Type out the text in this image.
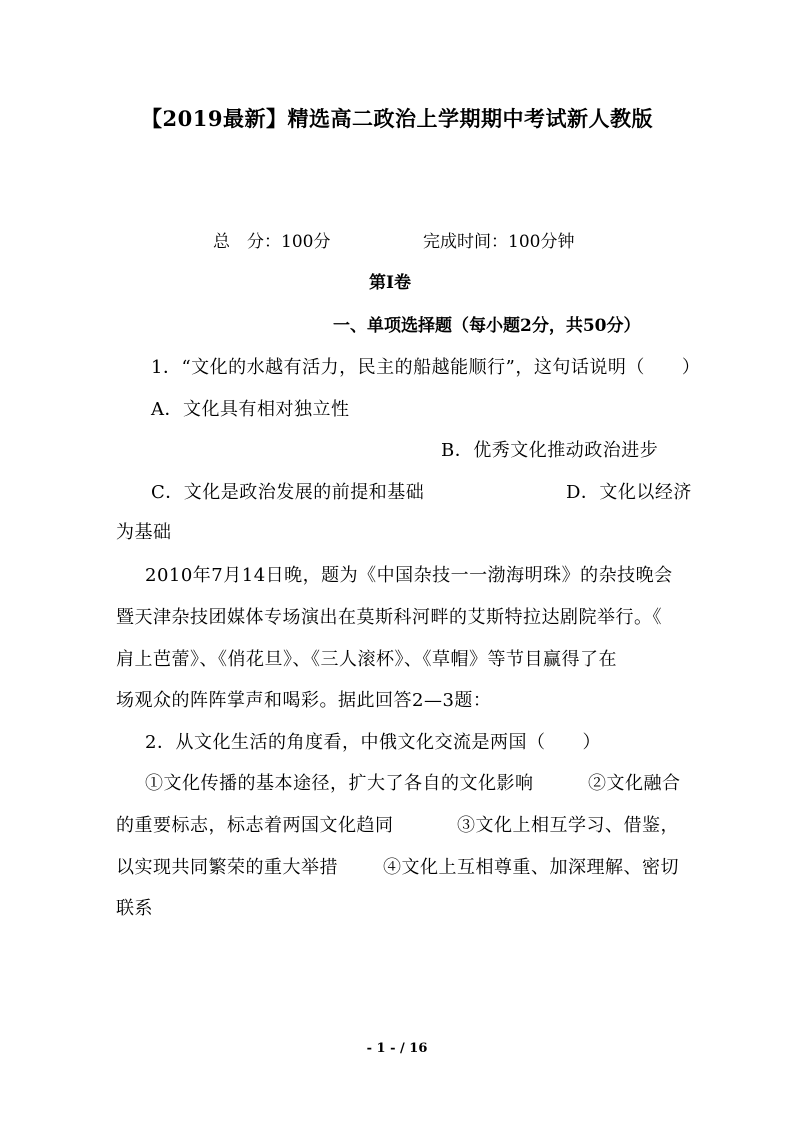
【2019最新】精选高二政治上学期期中考试新人教版
总　分：100分	完成时间：100分钟
第Ⅰ卷
一、单项选择题（每小题2分，共50分）
1．“文化的水越有活力，民主的船越能顺行”，这句话说明（　　）
A．文化具有相对独立性
B．优秀文化推动政治进步
C．文化是政治发展的前提和基础	D．文化以经济
为基础
2010年7月14日晚，题为《中国杂技一一渤海明珠》的杂技晚会
暨天津杂技团媒体专场演出在莫斯科河畔的艾斯特拉达剧院举行。《
肩上芭蕾》、《俏花旦》、《三人滚杯》、《草帽》等节目赢得了在
场观众的阵阵掌声和喝彩。据此回答2—3题：
2．从文化生活的角度看，中俄文化交流是两国（　　）
①文化传播的基本途径，扩大了各自的文化影响	②文化融合
的重要标志，标志着两国文化趋同	③文化上相互学习、借鉴，
以实现共同繁荣的重大举措	④文化上互相尊重、加深理解、密切
联系
- 1 - / 16
